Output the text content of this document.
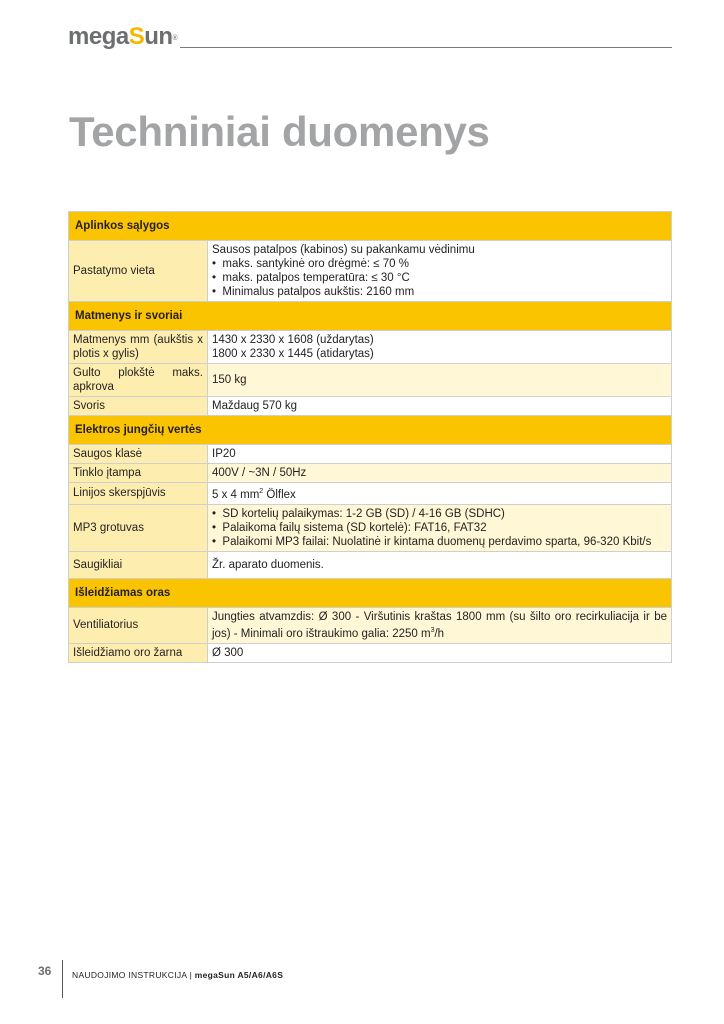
megaSun®
Techniniai duomenys
Aplinkos sąlygos	
Pastatymo vieta	Sausos patalpos (kabinos) su pakankamu vėdinimu
•  maks. santykinė oro drėgmė: ≤ 70 %
•  maks. patalpos temperatūra: ≤ 30 °C
•  Minimalus patalpos aukštis: 2160 mm

Matmenys ir svoriai	
Matmenys mm (aukštis x plotis x gylis)	1430 x 2330 x 1608 (uždarytas)
1800 x 2330 x 1445 (atidarytas)

Gulto plokštė maks. apkrova	150 kg
Svoris	Maždaug 570 kg
Elektros jungčių vertės	
Saugos klasė	IP20
Tinklo įtampa	400V / ~3N / 50Hz
Linijos skerspjūvis	5 x 4 $mm^2$ Ölflex
MP3 grotuvas	•  SD kortelių palaikymas: 1-2 GB (SD) / 4-16 GB (SDHC)
•  Palaikoma failų sistema (SD kortelė): FAT16, FAT32
•  Palaikomi MP3 failai: Nuolatinė ir kintama duomenų perdavimo sparta, 96-320 Kbit/s

Saugikliai	Žr. aparato duomenis.
Išleidžiamas oras	
Ventiliatorius	Jungties atvamzdis: Ø 300 - Viršutinis kraštas 1800 mm (su šilto oro recirkuliacija ir be jos) - Minimali oro ištraukimo galia: 2250 $m^3/h$
Išleidžiamo oro žarna	Ø 300
36 NAUDOJIMO INSTRUKCIJA | megaSun A5/A6/A6S
